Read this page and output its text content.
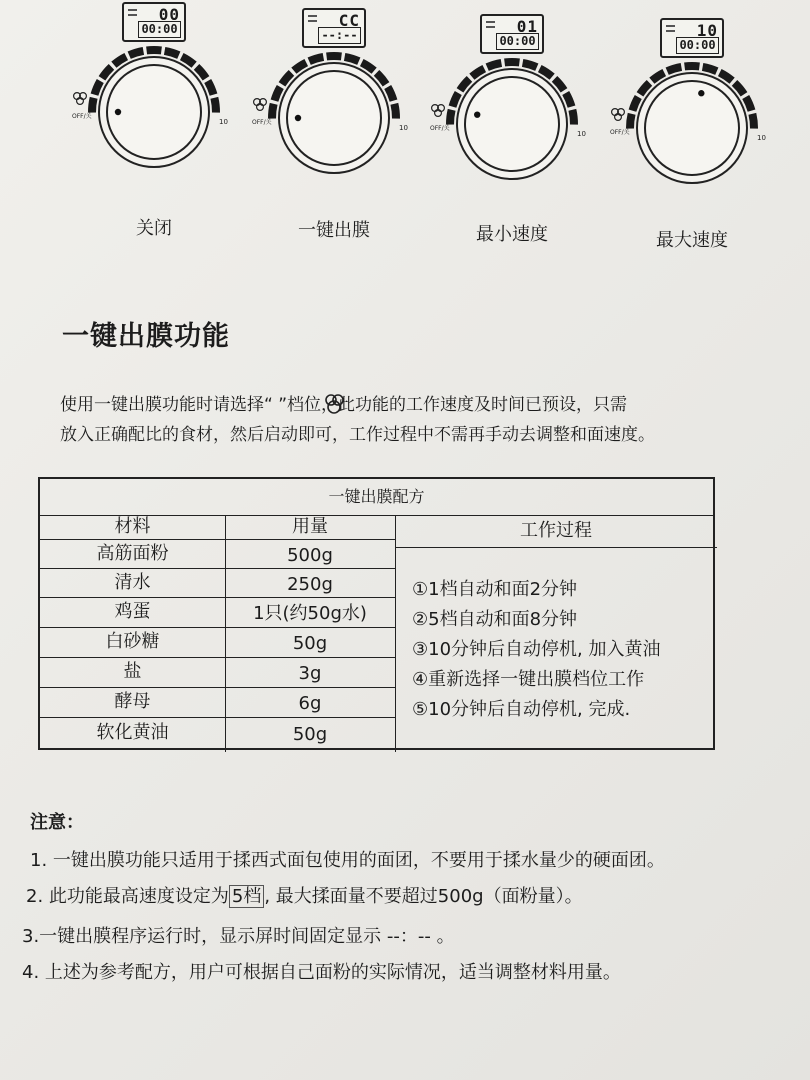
00
00:00
OFF/关
10
关闭
CC
--:--
OFF/关
10
一键出膜
01
00:00
OFF/关
10
最小速度
10
00:00
OFF/关
10
最大速度
一键出膜功能
使用一键出膜功能时请选择“ ”档位，此功能的工作速度及时间已预设，只需
放入正确配比的食材，然后启动即可，工作过程中不需再手动去调整和面速度。
一键出膜配方
材料	用量	工作过程
高筋面粉	500g
清水	250g
鸡蛋	1只(约50g水)
白砂糖	50g
盐	3g
酵母	6g
软化黄油	50g
①1档自动和面2分钟
②5档自动和面8分钟
③10分钟后自动停机, 加入黄油
④重新选择一键出膜档位工作
⑤10分钟后自动停机, 完成.
注意：
1. 一键出膜功能只适用于揉西式面包使用的面团，不要用于揉水量少的硬面团。
2. 此功能最高速度设定为 5档 , 最大揉面量不要超过500g（面粉量）。
3.一键出膜程序运行时，显示屏时间固定显示 --：-- 。
4. 上述为参考配方，用户可根据自己面粉的实际情况，适当调整材料用量。
